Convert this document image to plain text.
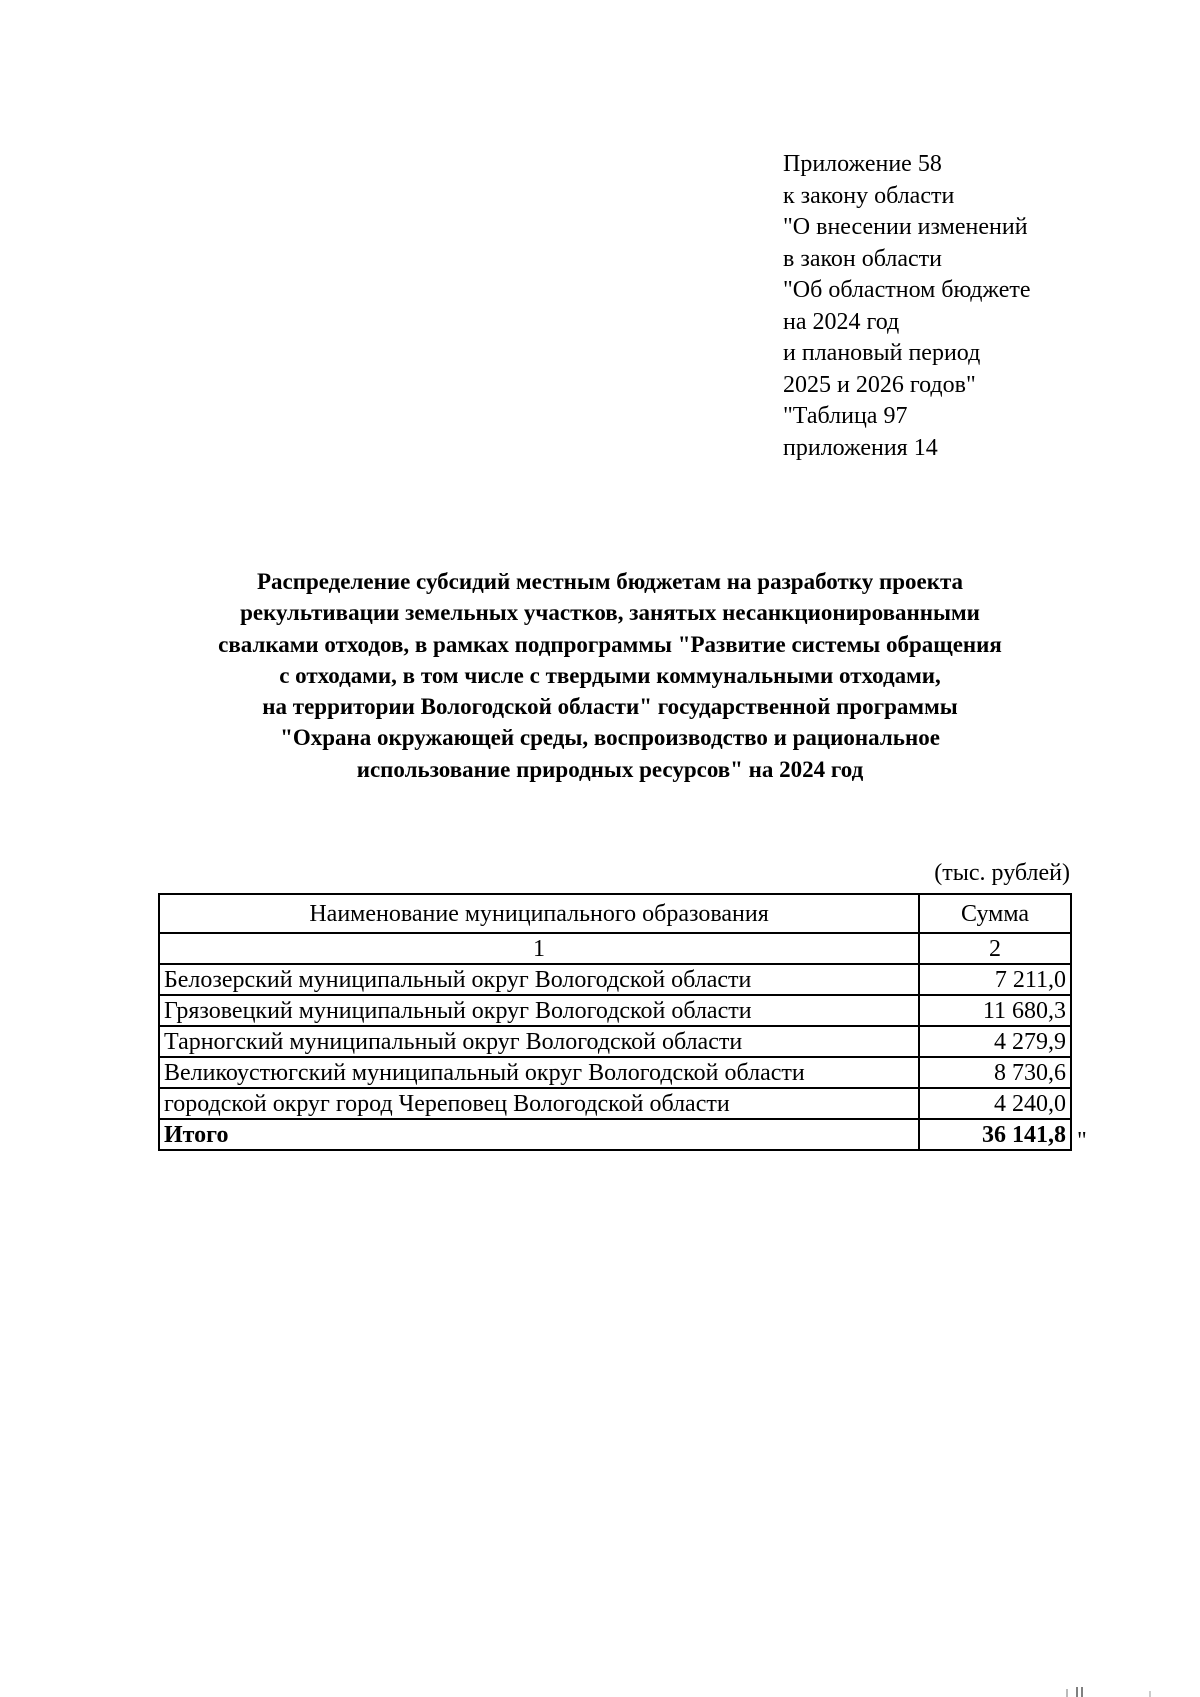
Приложение 58
к закону области
"О внесении изменений
в закон области
"Об областном бюджете
на 2024 год
и плановый период
2025 и 2026 годов"
"Таблица 97
приложения 14
Распределение субсидий местным бюджетам на разработку проекта
рекультивации земельных участков, занятых несанкционированными
свалками отходов, в рамках подпрограммы "Развитие системы обращения
с отходами, в том числе с твердыми коммунальными отходами,
на территории Вологодской области" государственной программы
"Охрана окружающей среды, воспроизводство и рациональное
использование природных ресурсов" на 2024 год
(тыс. рублей)
Наименование муниципального образования	Сумма
1	2
Белозерский муниципальный округ Вологодской области	7 211,0
Грязовецкий муниципальный округ Вологодской области	11 680,3
Тарногский муниципальный округ Вологодской области	4 279,9
Великоустюгский муниципальный округ Вологодской области	8 730,6
городской округ город Череповец Вологодской области	4 240,0
Итого	36 141,8 "
